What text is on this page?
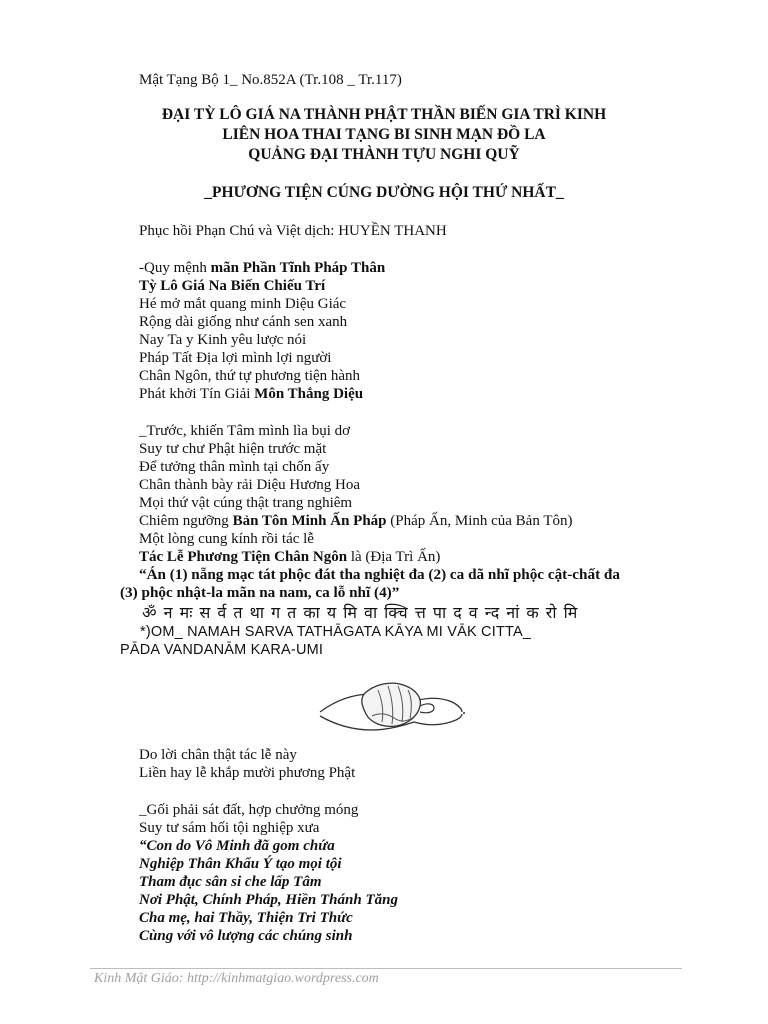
Mật Tạng Bộ 1_ No.852A (Tr.108 _ Tr.117)
ĐẠI TỲ LÔ GIÁ NA THÀNH PHẬT THẦN BIẾN GIA TRÌ KINH
LIÊN HOA THAI TẠNG BI SINH MẠN ĐỒ LA
QUẢNG ĐẠI THÀNH TỰU NGHI QUỸ
_PHƯƠNG TIỆN CÚNG DƯỜNG HỘI THỨ NHẤT_
Phục hồi Phạn Chú và Việt dịch: HUYỀN THANH
-Quy mệnh mãn Phần Tĩnh Pháp Thân
Tỳ Lô Giá Na Biến Chiếu Trí
Hé mở mắt quang minh Diệu Giác
Rộng dài giống như cánh sen xanh
Nay Ta y Kinh yêu lược nói
Pháp Tất Địa lợi mình lợi người
Chân Ngôn, thứ tự phương tiện hành
Phát khởi Tín Giải Môn Thắng Diệu
_Trước, khiến Tâm mình lìa bụi dơ
Suy tư chư Phật hiện trước mặt
Để tưởng thân mình tại chốn ấy
Chân thành bày rải Diệu Hương Hoa
Mọi thứ vật cúng thật trang nghiêm
Chiêm ngưỡng Bản Tôn Minh Ấn Pháp (Pháp Ấn, Minh của Bản Tôn)
Một lòng cung kính rồi tác lễ
Tác Lễ Phương Tiện Chân Ngôn là (Địa Trì Ấn)
“Án (1) nẵng mạc tát phộc đát tha nghiệt đa (2) ca dã nhĩ phộc cật-chất đa
(3) phộc nhật-la mãn na nam, ca lỗ nhĩ (4)”
ॐ न मः स र्व त था ग त का य मि वा क्चि त्त पा द व न्द नां क रो मि
*)OM_ NAMAH SARVA TATHĀGATA KĀYA MI VĀK CITTA_
PĀDA VANDANĀM KARA-UMI
Do lời chân thật tác lễ này
Liền hay lễ khắp mười phương Phật
_Gối phải sát đất, hợp chưởng móng
Suy tư sám hối tội nghiệp xưa
“Con do Vô Minh đã gom chứa
Nghiệp Thân Khẩu Ý tạo mọi tội
Tham đục sân si che lấp Tâm
Nơi Phật, Chính Pháp, Hiền Thánh Tăng
Cha mẹ, hai Thầy, Thiện Tri Thức
Cùng với vô lượng các chúng sinh
Kinh Mật Giáo: http://kinhmatgiao.wordpress.com
